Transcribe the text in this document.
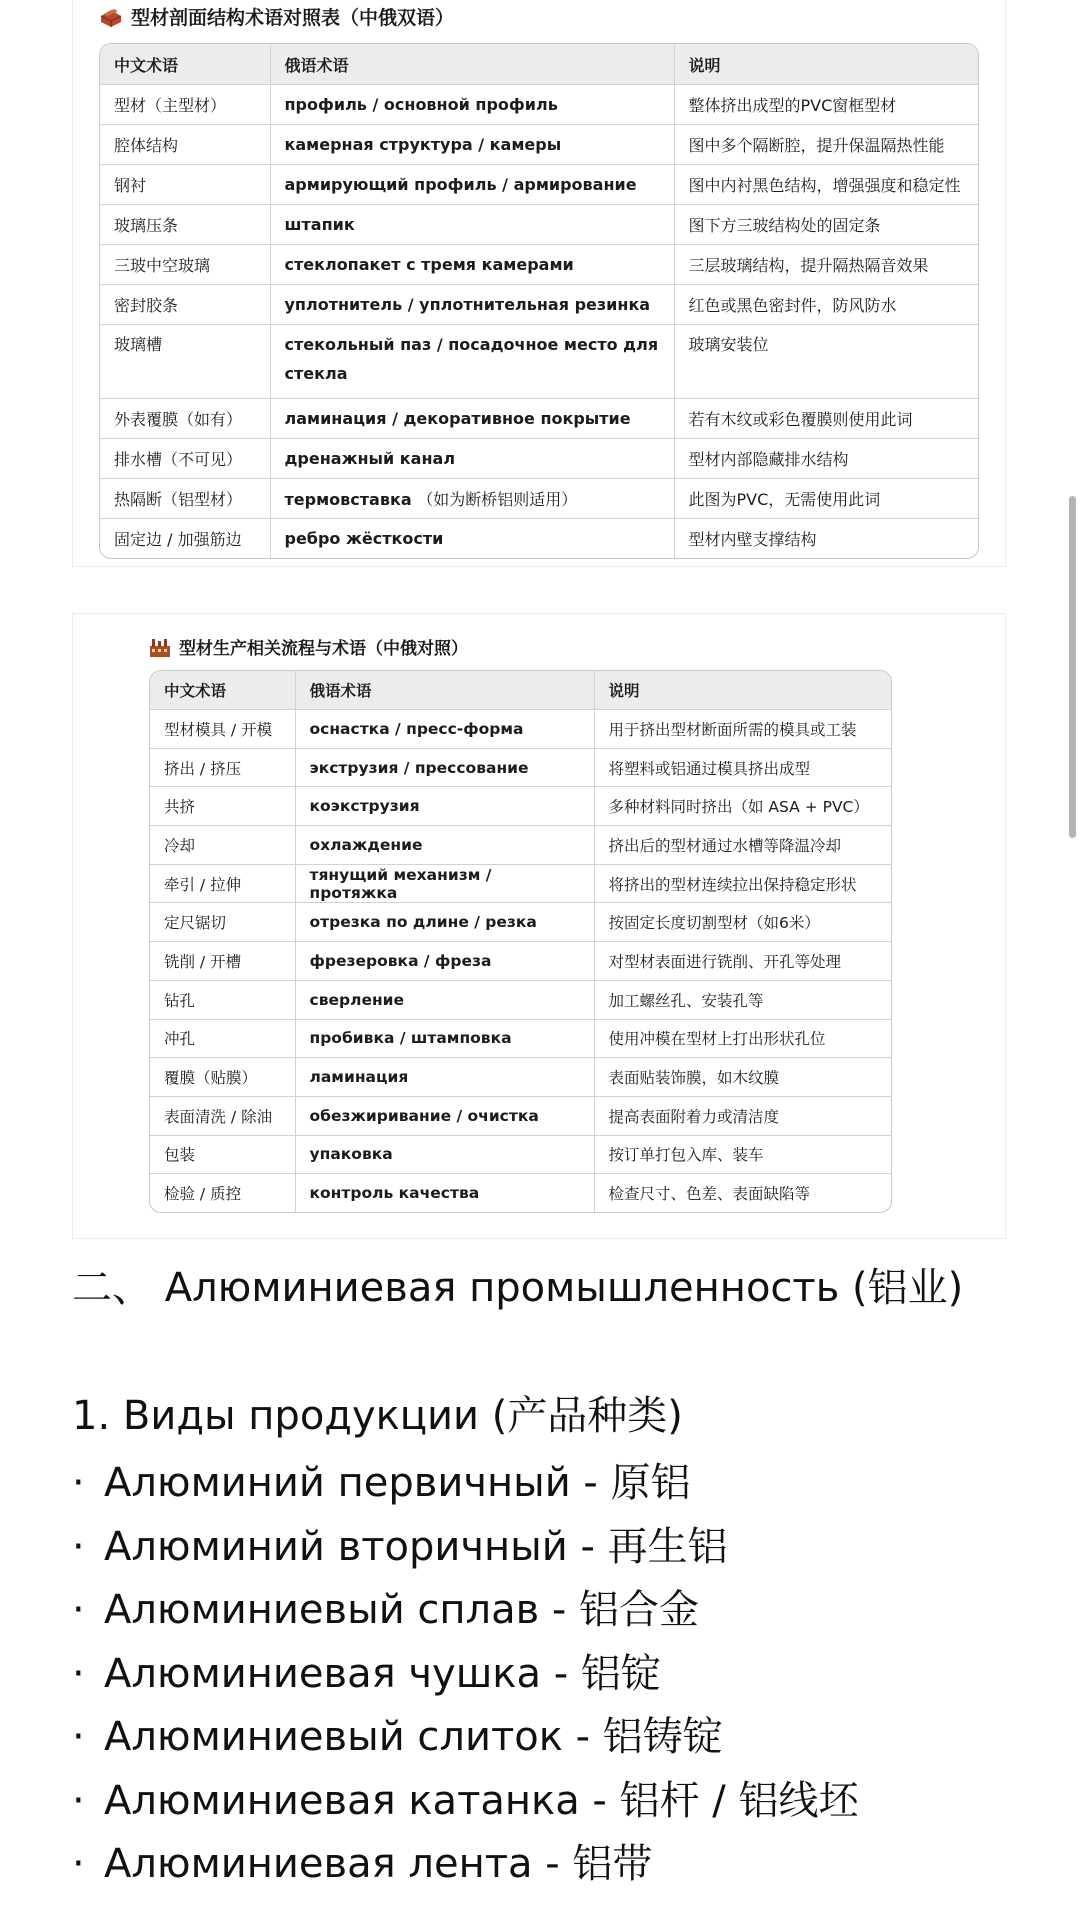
型材剖面结构术语对照表（中俄双语）
中文术语	俄语术语	说明
型材（主型材）	профиль / основной профиль	整体挤出成型的PVC窗框型材
腔体结构	камерная структура / камеры	图中多个隔断腔，提升保温隔热性能
钢衬	армирующий профиль / армирование	图中内衬黑色结构，增强强度和稳定性
玻璃压条	штапик	图下方三玻结构处的固定条
三玻中空玻璃	стеклопакет с тремя камерами	三层玻璃结构，提升隔热隔音效果
密封胶条	уплотнитель / уплотнительная резинка	红色或黑色密封件，防风防水
玻璃槽	стекольный паз / посадочное место для стекла	玻璃安装位
外表覆膜（如有）	ламинация / декоративное покрытие	若有木纹或彩色覆膜则使用此词
排水槽（不可见）	дренажный канал	型材内部隐藏排水结构
热隔断（铝型材）	термовставка （如为断桥铝则适用）	此图为PVC，无需使用此词
固定边 / 加强筋边	ребро жёсткости	型材内壁支撑结构
型材生产相关流程与术语（中俄对照）
中文术语	俄语术语	说明
型材模具 / 开模	оснастка / пресс-форма	用于挤出型材断面所需的模具或工装
挤出 / 挤压	экструзия / прессование	将塑料或铝通过模具挤出成型
共挤	коэкструзия	多种材料同时挤出（如 ASA + PVC）
冷却	охлаждение	挤出后的型材通过水槽等降温冷却
牵引 / 拉伸	тянущий механизм / протяжка	将挤出的型材连续拉出保持稳定形状
定尺锯切	отрезка по длине / резка	按固定长度切割型材（如6米）
铣削 / 开槽	фрезеровка / фреза	对型材表面进行铣削、开孔等处理
钻孔	сверление	加工螺丝孔、安装孔等
冲孔	пробивка / штамповка	使用冲模在型材上打出形状孔位
覆膜（贴膜）	ламинация	表面贴装饰膜，如木纹膜
表面清洗 / 除油	обезжиривание / очистка	提高表面附着力或清洁度
包装	упаковка	按订单打包入库、装车
检验 / 质控	контроль качества	检查尺寸、色差、表面缺陷等
二、 Алюминиевая промышленность (铝业)
1. Виды продукции (产品种类)
· Алюминий первичный - 原铝
· Алюминий вторичный - 再生铝
· Алюминиевый сплав - 铝合金
· Алюминиевая чушка - 铝锭
· Алюминиевый слиток - 铝铸锭
· Алюминиевая катанка - 铝杆 / 铝线坯
· Алюминиевая лента - 铝带
